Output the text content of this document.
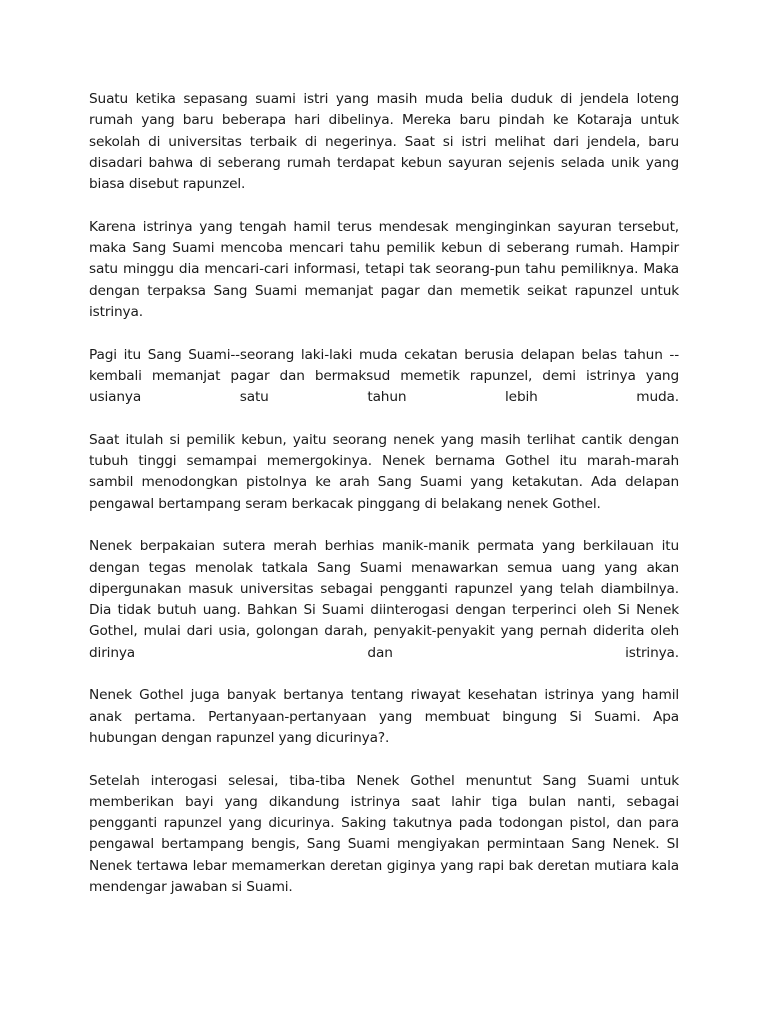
Suatu ketika sepasang suami istri yang masih muda belia duduk di jendela loteng rumah yang baru beberapa hari dibelinya. Mereka baru pindah ke Kotaraja untuk sekolah di universitas terbaik di negerinya. Saat si istri melihat dari jendela, baru disadari bahwa di seberang rumah terdapat kebun sayuran sejenis selada unik yang biasa disebut rapunzel.

Karena istrinya yang tengah hamil terus mendesak menginginkan sayuran tersebut, maka Sang Suami mencoba mencari tahu pemilik kebun di seberang rumah. Hampir satu minggu dia mencari-cari informasi, tetapi tak seorang-pun tahu pemiliknya. Maka dengan terpaksa Sang Suami memanjat pagar dan memetik seikat rapunzel untuk istrinya.

Pagi itu Sang Suami--seorang laki-laki muda cekatan berusia delapan belas tahun -- kembali memanjat pagar dan bermaksud memetik rapunzel, demi istrinya yang usianya satu tahun lebih muda.

Saat itulah si pemilik kebun, yaitu seorang nenek yang masih terlihat cantik dengan tubuh tinggi semampai memergokinya. Nenek bernama Gothel itu marah-marah sambil menodongkan pistolnya ke arah Sang Suami yang ketakutan. Ada delapan pengawal bertampang seram berkacak pinggang di belakang nenek Gothel.

Nenek berpakaian sutera merah berhias manik-manik permata yang berkilauan itu dengan tegas menolak tatkala Sang Suami menawarkan semua uang yang akan dipergunakan masuk universitas sebagai pengganti rapunzel yang telah diambilnya. Dia tidak butuh uang. Bahkan Si Suami diinterogasi dengan terperinci oleh Si Nenek Gothel, mulai dari usia, golongan darah, penyakit-penyakit yang pernah diderita oleh dirinya dan istrinya.

Nenek Gothel juga banyak bertanya tentang riwayat kesehatan istrinya yang hamil anak pertama. Pertanyaan-pertanyaan yang membuat bingung Si Suami. Apa hubungan dengan rapunzel yang dicurinya?.

Setelah interogasi selesai, tiba-tiba Nenek Gothel menuntut Sang Suami untuk memberikan bayi yang dikandung istrinya saat lahir tiga bulan nanti, sebagai pengganti rapunzel yang dicurinya. Saking takutnya pada todongan pistol, dan para pengawal bertampang bengis, Sang Suami mengiyakan permintaan Sang Nenek. SI Nenek tertawa lebar memamerkan deretan giginya yang rapi bak deretan mutiara kala mendengar jawaban si Suami.
